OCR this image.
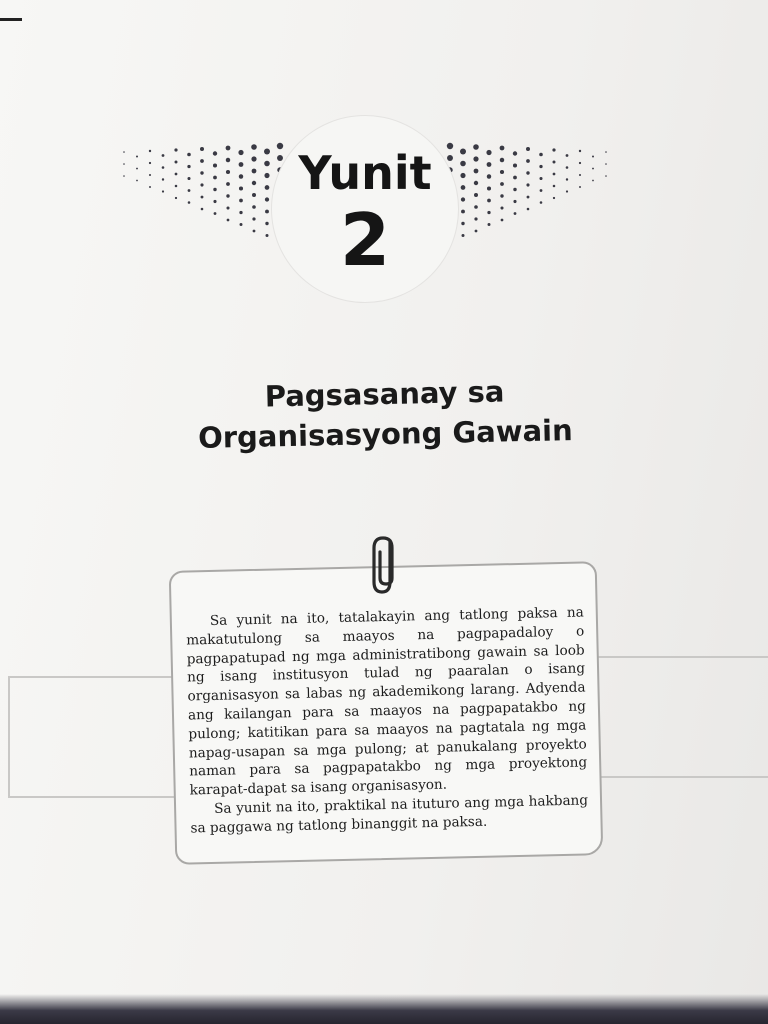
Yunit
2
Pagsasanay sa
Organisasyong Gawain

Sa yunit na ito, tatalakayin ang tatlong paksa na makatutulong sa maayos na pagpapadaloy o pagpapatupad ng mga administratibong gawain sa loob ng isang institusyon tulad ng paaralan o isang organisasyon sa labas ng akademikong larang. Adyenda ang kailangan para sa maayos na pagpapatakbo ng pulong; katitikan para sa maayos na pagtatala ng mga napag-usapan sa mga pulong; at panukalang proyekto naman para sa pagpapatakbo ng mga proyektong karapat-dapat sa isang organisasyon.

Sa yunit na ito, praktikal na ituturo ang mga hakbang sa paggawa ng tatlong binanggit na paksa.
